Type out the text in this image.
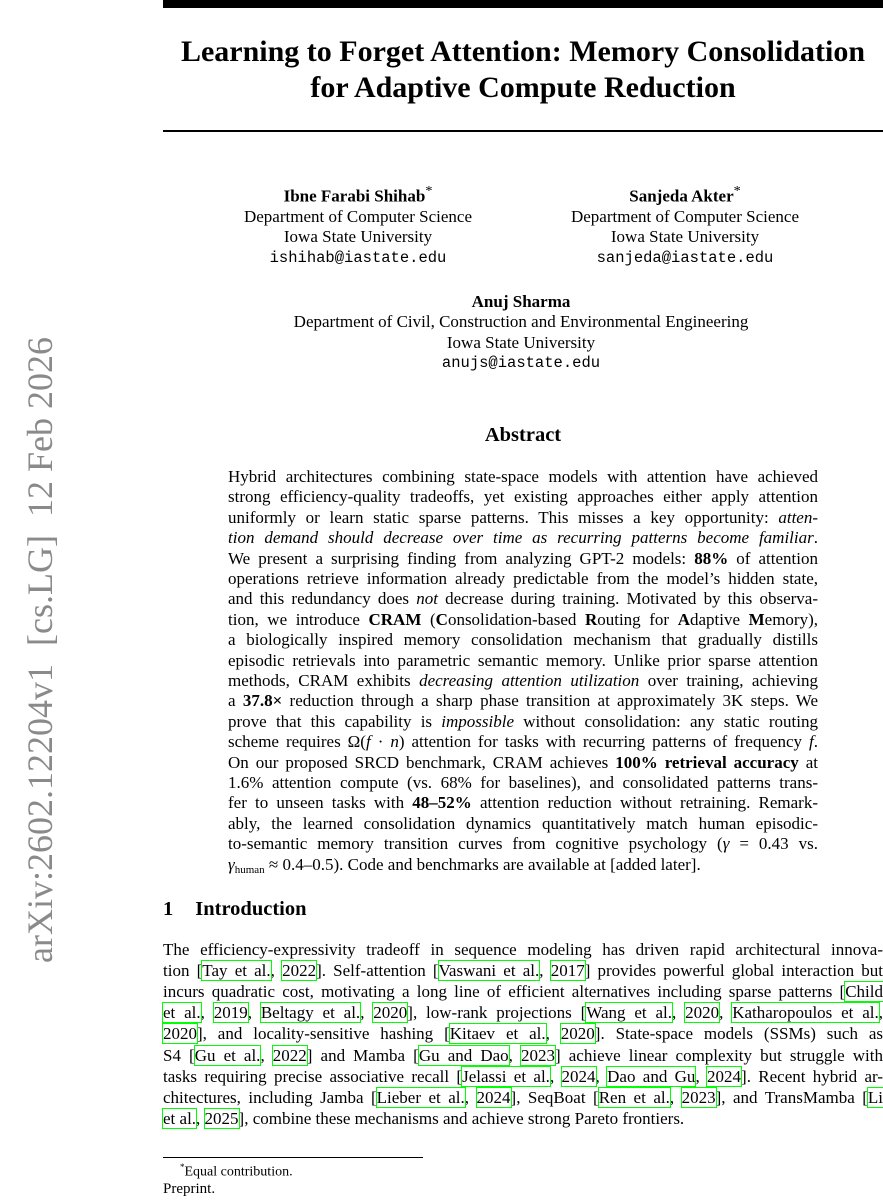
arXiv:2602.12204v1  [cs.LG]  12 Feb 2026
Learning to Forget Attention: Memory Consolidation
for Adaptive Compute Reduction
Ibne Farabi Shihab*
Department of Computer Science
Iowa State University
ishihab@iastate.edu
Sanjeda Akter*
Department of Computer Science
Iowa State University
sanjeda@iastate.edu
Anuj Sharma
Department of Civil, Construction and Environmental Engineering
Iowa State University
anujs@iastate.edu
Abstract
Hybrid architectures combining state-space models with attention have achieved
strong efficiency-quality tradeoffs, yet existing approaches either apply attention
uniformly or learn static sparse patterns. This misses a key opportunity: atten-
tion demand should decrease over time as recurring patterns become familiar.
We present a surprising finding from analyzing GPT-2 models: 88% of attention
operations retrieve information already predictable from the model’s hidden state,
and this redundancy does not decrease during training. Motivated by this observa-
tion, we introduce CRAM (Consolidation-based Routing for Adaptive Memory),
a biologically inspired memory consolidation mechanism that gradually distills
episodic retrievals into parametric semantic memory. Unlike prior sparse attention
methods, CRAM exhibits decreasing attention utilization over training, achieving
a 37.8× reduction through a sharp phase transition at approximately 3K steps. We
prove that this capability is impossible without consolidation: any static routing
scheme requires Ω(f · n) attention for tasks with recurring patterns of frequency f.
On our proposed SRCD benchmark, CRAM achieves 100% retrieval accuracy at
1.6% attention compute (vs. 68% for baselines), and consolidated patterns trans-
fer to unseen tasks with 48–52% attention reduction without retraining. Remark-
ably, the learned consolidation dynamics quantitatively match human episodic-
to-semantic memory transition curves from cognitive psychology (γ = 0.43 vs.
$\gamma_{human} \approx 0.4-0.5$). Code and benchmarks are available at [added later].
1 Introduction
The efficiency-expressivity tradeoff in sequence modeling has driven rapid architectural innova-
tion [Tay et al., 2022]. Self-attention [Vaswani et al., 2017] provides powerful global interaction but
incurs quadratic cost, motivating a long line of efficient alternatives including sparse patterns [Child
et al., 2019, Beltagy et al., 2020], low-rank projections [Wang et al., 2020, Katharopoulos et al.,
2020], and locality-sensitive hashing [Kitaev et al., 2020]. State-space models (SSMs) such as
S4 [Gu et al., 2022] and Mamba [Gu and Dao, 2023] achieve linear complexity but struggle with
tasks requiring precise associative recall [Jelassi et al., 2024, Dao and Gu, 2024]. Recent hybrid ar-
chitectures, including Jamba [Lieber et al., 2024], SeqBoat [Ren et al., 2023], and TransMamba [Li
et al., 2025], combine these mechanisms and achieve strong Pareto frontiers.
*Equal contribution.
Preprint.
